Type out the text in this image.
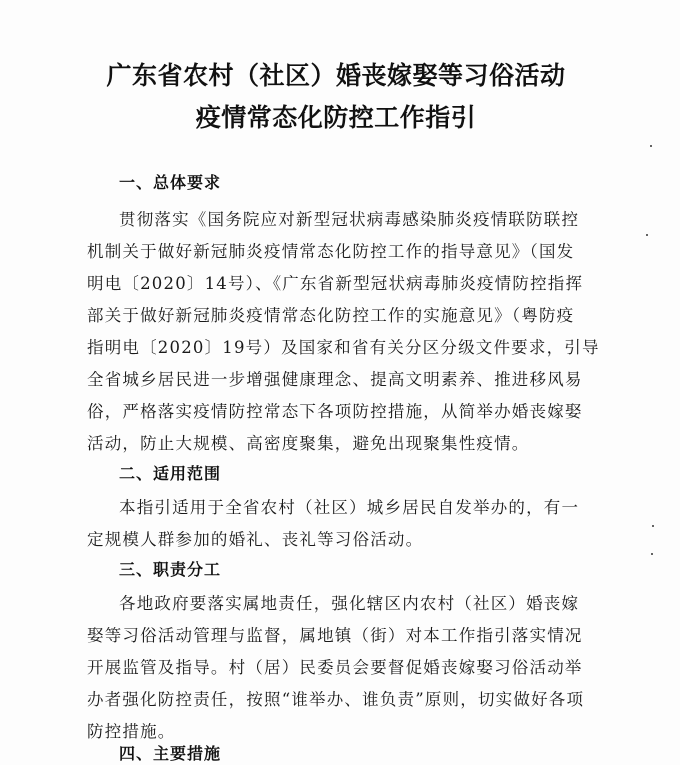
广东省农村（社区）婚丧嫁娶等习俗活动
疫情常态化防控工作指引
一、总体要求

贯彻落实《国务院应对新型冠状病毒感染肺炎疫情联防联控

机制关于做好新冠肺炎疫情常态化防控工作的指导意见》（国发

明电〔2020〕14号）、《广东省新型冠状病毒肺炎疫情防控指挥

部关于做好新冠肺炎疫情常态化防控工作的实施意见》（粤防疫

指明电〔2020〕19号）及国家和省有关分区分级文件要求，引导

全省城乡居民进一步增强健康理念、提高文明素养、推进移风易

俗，严格落实疫情防控常态下各项防控措施，从简举办婚丧嫁娶

活动，防止大规模、高密度聚集，避免出现聚集性疫情。

二、适用范围

本指引适用于全省农村（社区）城乡居民自发举办的，有一

定规模人群参加的婚礼、丧礼等习俗活动。

三、职责分工

各地政府要落实属地责任，强化辖区内农村（社区）婚丧嫁

娶等习俗活动管理与监督，属地镇（街）对本工作指引落实情况

开展监管及指导。村（居）民委员会要督促婚丧嫁娶习俗活动举

办者强化防控责任，按照“谁举办、谁负责”原则，切实做好各项

防控措施。

四、主要措施
